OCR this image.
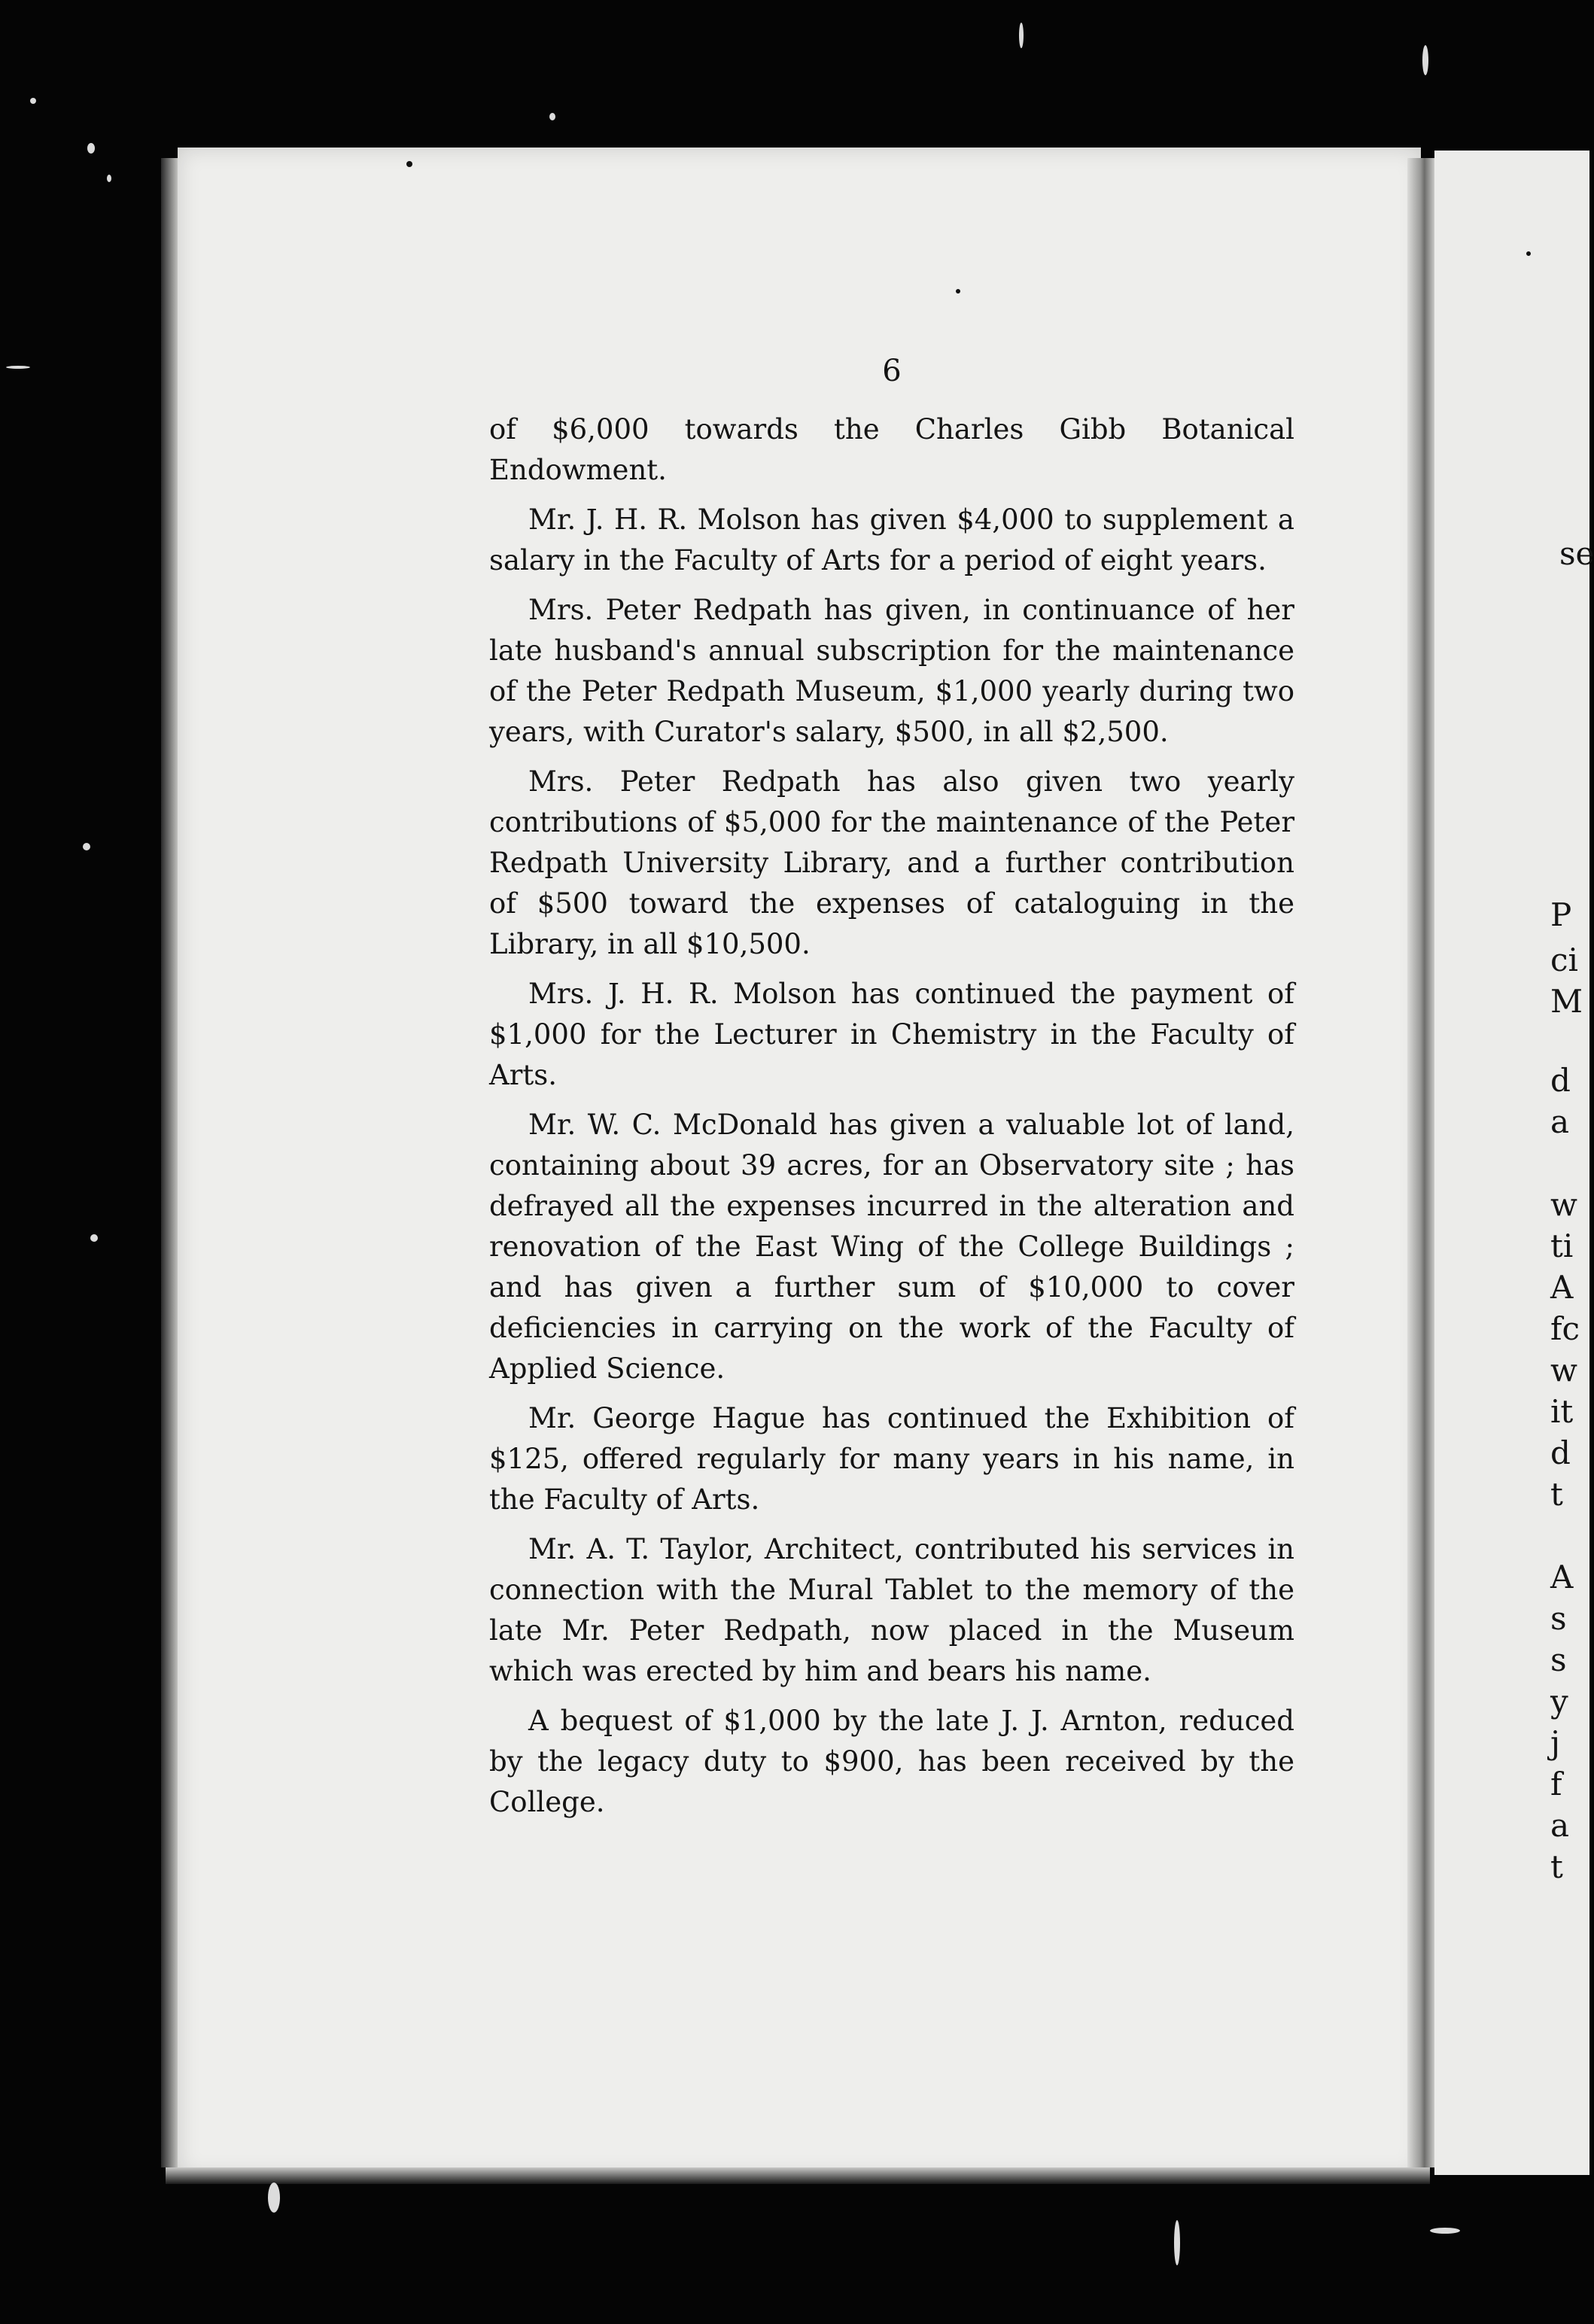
se
P
ci
M
d
a
w
ti
A
fc
w
it
d
t
A
s
s
y
j
f
a
t
6

of $6,000 towards the Charles Gibb Botanical Endowment.

Mr. J. H. R. Molson has given $4,000 to supplement a salary in the Faculty of Arts for a period of eight years.

Mrs. Peter Redpath has given, in continuance of her late husband's annual subscription for the maintenance of the Peter Redpath Museum, $1,000 yearly during two years, with Curator's salary, $500, in all $2,500.

Mrs. Peter Redpath has also given two yearly contributions of $5,000 for the maintenance of the Peter Redpath University Library, and a further contribution of $500 toward the expenses of cataloguing in the Library, in all $10,500.

Mrs. J. H. R. Molson has continued the payment of $1,000 for the Lecturer in Chemistry in the Faculty of Arts.

Mr. W. C. McDonald has given a valuable lot of land, containing about 39 acres, for an Observatory site ; has defrayed all the expenses incurred in the alteration and renovation of the East Wing of the College Buildings ; and has given a further sum of $10,000 to cover deficiencies in carrying on the work of the Faculty of Applied Science.

Mr. George Hague has continued the Exhibition of $125, offered regularly for many years in his name, in the Faculty of Arts.

Mr. A. T. Taylor, Architect, contributed his services in connection with the Mural Tablet to the memory of the late Mr. Peter Redpath, now placed in the Museum which was erected by him and bears his name.

A bequest of $1,000 by the late J. J. Arnton, reduced by the legacy duty to $900, has been received by the College.
